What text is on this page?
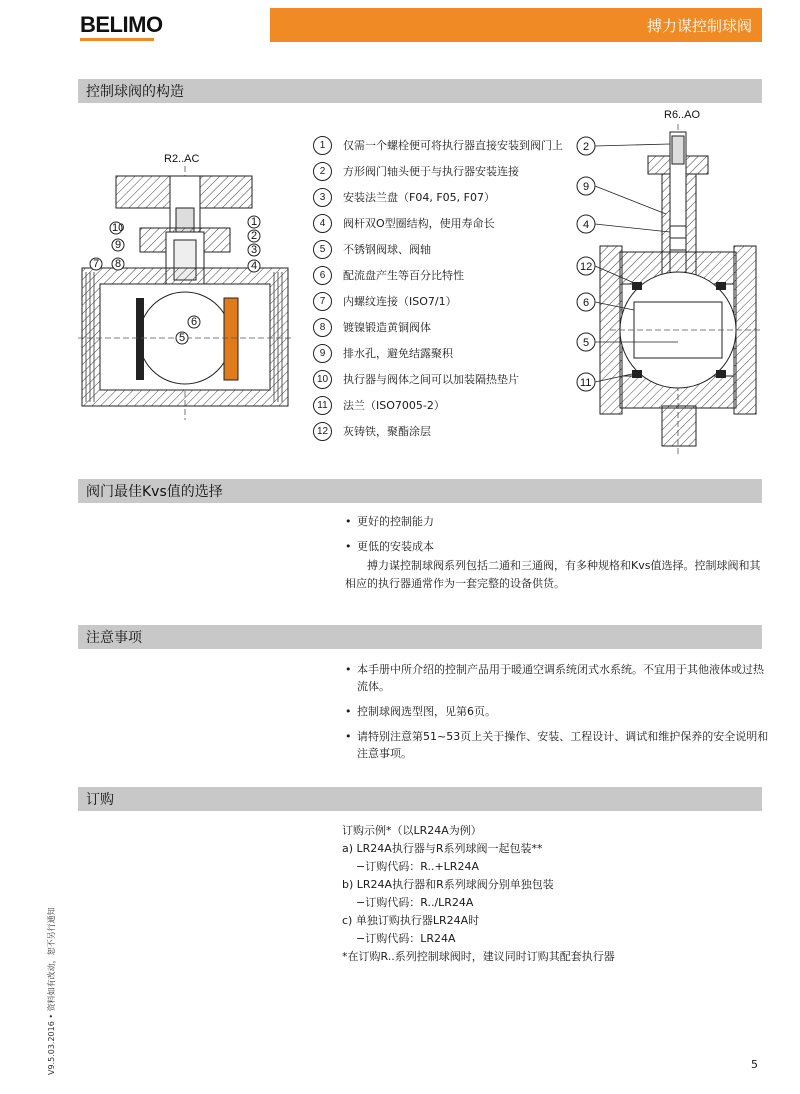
BELIMO	搏力谋控制球阀
控制球阀的构造
R2..AC
10
9
7 8
1
2
3
4
6
5
1	仅需一个螺栓便可将执行器直接安装到阀门上
2	方形阀门轴头便于与执行器安装连接
3	安装法兰盘（F04, F05, F07）
4	阀杆双O型圈结构，使用寿命长
5	不锈钢阀球、阀轴
6	配流盘产生等百分比特性
7	内螺纹连接（ISO7/1）
8	镀镍锻造黄铜阀体
9	排水孔，避免结露聚积
10	执行器与阀体之间可以加装隔热垫片
11	法兰（ISO7005-2）
12	灰铸铁，聚酯涂层
R6..AO
2
9
4
12
6
5
11
阀门最佳Kvs值的选择
• 更好的控制能力
• 更低的安装成本
搏力谋控制球阀系列包括二通和三通阀，有多种规格和Kvs值选择。控制球阀和其
相应的执行器通常作为一套完整的设备供货。
注意事项
• 本手册中所介绍的控制产品用于暖通空调系统闭式水系统。不宜用于其他液体或过热
流体。
• 控制球阀选型图，见第6页。
• 请特别注意第51~53页上关于操作、安装、工程设计、调试和维护保养的安全说明和
注意事项。
订购
订购示例*（以LR24A为例）
a) LR24A执行器与R系列球阀一起包装**
−订购代码：R..+LR24A
b) LR24A执行器和R系列球阀分别单独包装
−订购代码：R../LR24A
c) 单独订购执行器LR24A时
−订购代码：LR24A
*在订购R..系列控制球阀时，建议同时订购其配套执行器
V9.5.03.2016 • 资料如有改动，恕不另行通知	5
